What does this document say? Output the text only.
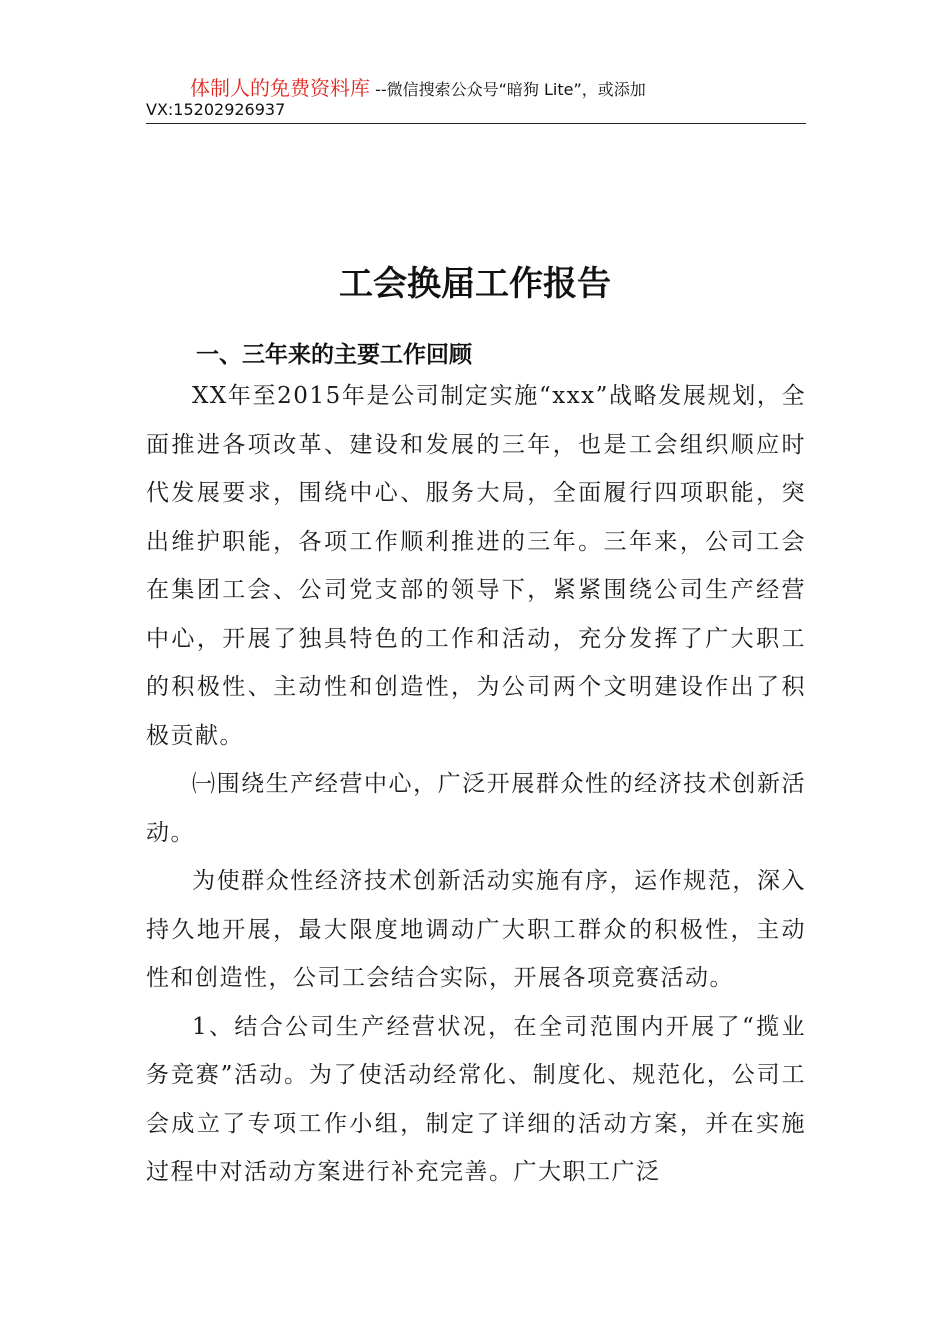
体制人的免费资料库 --微信搜索公众号“暗狗 Lite”，或添加
VX:15202926937
工会换届工作报告
一、三年来的主要工作回顾

XX年至2015年是公司制定实施“xxx”战略发展规划，全面推进各项改革、建设和发展的三年，也是工会组织顺应时代发展要求，围绕中心、服务大局，全面履行四项职能，突出维护职能，各项工作顺利推进的三年。三年来，公司工会在集团工会、公司党支部的领导下，紧紧围绕公司生产经营中心，开展了独具特色的工作和活动，充分发挥了广大职工的积极性、主动性和创造性，为公司两个文明建设作出了积极贡献。

㈠围绕生产经营中心，广泛开展群众性的经济技术创新活动。

为使群众性经济技术创新活动实施有序，运作规范，深入持久地开展，最大限度地调动广大职工群众的积极性，主动性和创造性，公司工会结合实际，开展各项竞赛活动。

1、结合公司生产经营状况，在全司范围内开展了“揽业务竞赛”活动。为了使活动经常化、制度化、规范化，公司工会成立了专项工作小组，制定了详细的活动方案，并在实施过程中对活动方案进行补充完善。广大职工广泛
